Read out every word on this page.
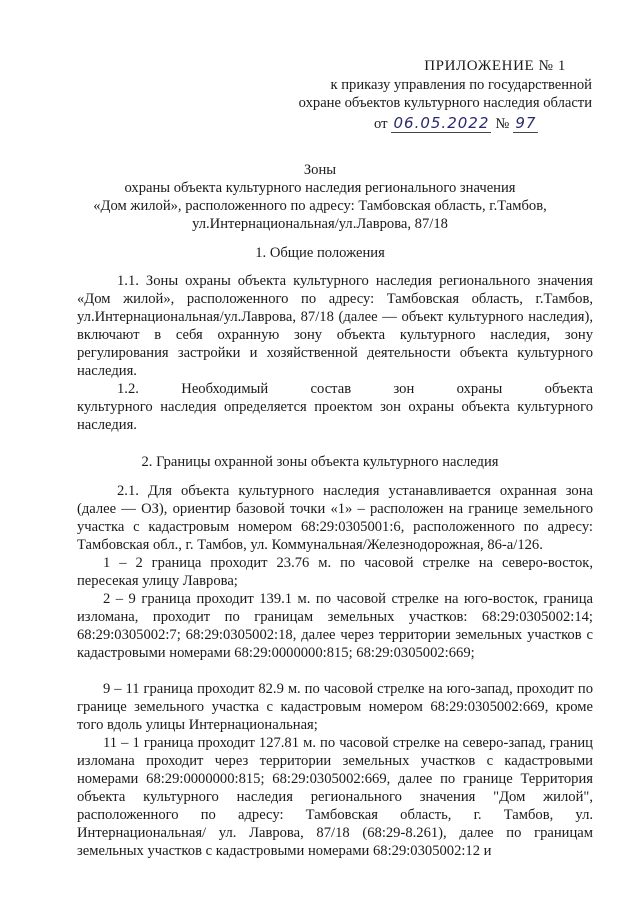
ПРИЛОЖЕНИЕ № 1
к приказу управления по государственной
охране объектов культурного наследия области
от 06.05.2022 № 97
Зоны
охраны объекта культурного наследия регионального значения
«Дом жилой», расположенного по адресу: Тамбовская область, г.Тамбов,
ул.Интернациональная/ул.Лаврова, 87/18
1. Общие положения
1.1. Зоны охраны объекта культурного наследия регионального значения «Дом жилой», расположенного по адресу: Тамбовская область, г.Тамбов, ул.Интернациональная/ул.Лаврова, 87/18 (далее — объект культурного наследия), включают в себя охранную зону объекта культурного наследия, зону регулирования застройки и хозяйственной деятельности объекта культурного наследия.
1.2. Необходимый состав зон охраны объекта
культурного наследия определяется проектом зон охраны объекта культурного наследия.
2. Границы охранной зоны объекта культурного наследия
2.1. Для объекта культурного наследия устанавливается охранная зона (далее — ОЗ), ориентир базовой точки «1» – расположен на границе земельного участка с кадастровым номером 68:29:0305001:6, расположенного по адресу: Тамбовская обл., г. Тамбов, ул. Коммунальная/Железнодорожная, 86-а/126.
1 – 2 граница проходит 23.76 м. по часовой стрелке на северо-восток, пересекая улицу Лаврова;
2 – 9 граница проходит 139.1 м. по часовой стрелке на юго-восток, граница изломана, проходит по границам земельных участков: 68:29:0305002:14; 68:29:0305002:7; 68:29:0305002:18, далее через территории земельных участков с кадастровыми номерами 68:29:0000000:815; 68:29:0305002:669;
9 – 11 граница проходит 82.9 м. по часовой стрелке на юго-запад, проходит по границе земельного участка с кадастровым номером 68:29:0305002:669, кроме того вдоль улицы Интернациональная;
11 – 1 граница проходит 127.81 м. по часовой стрелке на северо-запад, границ изломана проходит через территории земельных участков с кадастровыми номерами 68:29:0000000:815; 68:29:0305002:669, далее по границе Территория объекта культурного наследия регионального значения "Дом жилой", расположенного по адресу: Тамбовская область, г. Тамбов, ул. Интернациональная/ ул. Лаврова, 87/18 (68:29-8.261), далее по границам земельных участков с кадастровыми номерами 68:29:0305002:12 и
